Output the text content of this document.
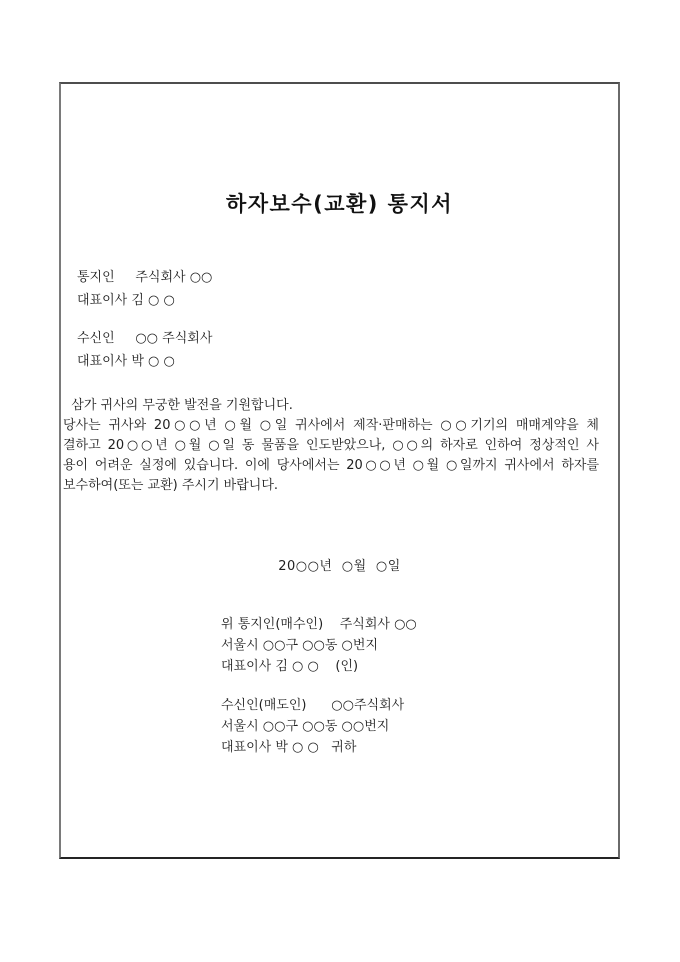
하자보수(교환) 통지서
통지인     주식회사 ○○
대표이사 김 ○ ○
수신인     ○○ 주식회사
대표이사 박 ○ ○
삼가 귀사의 무궁한 발전을 기원합니다.
당사는 귀사와 20○○년 ○월 ○일 귀사에서 제작·판매하는 ○○기기의 매매계약을 체
결하고 20○○년 ○월 ○일 동 물품을 인도받았으나, ○○의 하자로 인하여 정상적인 사
용이 어려운 실정에 있습니다. 이에 당사에서는 20○○년 ○월 ○일까지 귀사에서 하자를
보수하여(또는 교환) 주시기 바랍니다.
20○○년  ○월  ○일
위 통지인(매수인)    주식회사 ○○
서울시 ○○구 ○○동 ○번지
대표이사 김 ○ ○    (인)
수신인(매도인)      ○○주식회사
서울시 ○○구 ○○동 ○○번지
대표이사 박 ○ ○   귀하
